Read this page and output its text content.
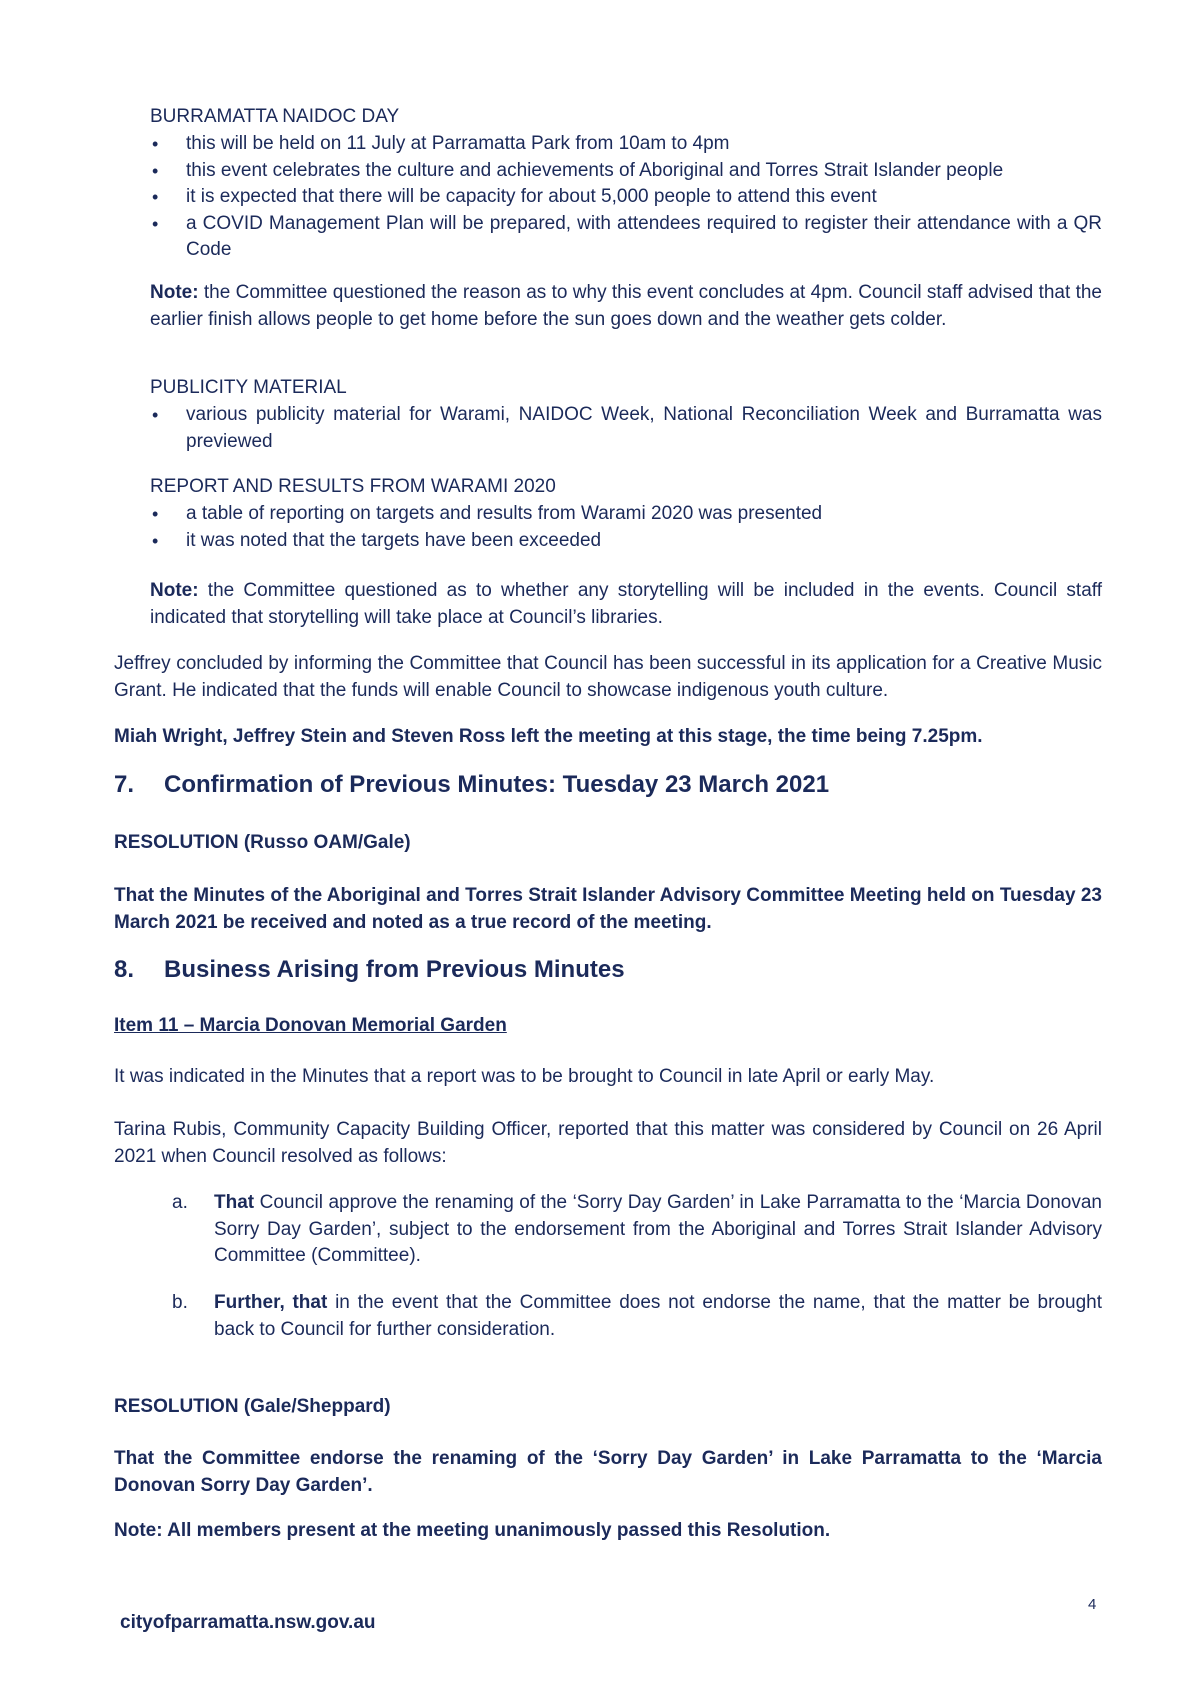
BURRAMATTA NAIDOC DAY
• this will be held on 11 July at Parramatta Park from 10am to 4pm
• this event celebrates the culture and achievements of Aboriginal and Torres Strait Islander people
• it is expected that there will be capacity for about 5,000 people to attend this event
• a COVID Management Plan will be prepared, with attendees required to register their attendance with a QR Code
Note: the Committee questioned the reason as to why this event concludes at 4pm. Council staff advised that the earlier finish allows people to get home before the sun goes down and the weather gets colder.
PUBLICITY MATERIAL
• various publicity material for Warami, NAIDOC Week, National Reconciliation Week and Burramatta was previewed
REPORT AND RESULTS FROM WARAMI 2020
• a table of reporting on targets and results from Warami 2020 was presented
• it was noted that the targets have been exceeded
Note: the Committee questioned as to whether any storytelling will be included in the events. Council staff indicated that storytelling will take place at Council’s libraries.
Jeffrey concluded by informing the Committee that Council has been successful in its application for a Creative Music Grant. He indicated that the funds will enable Council to showcase indigenous youth culture.
Miah Wright, Jeffrey Stein and Steven Ross left the meeting at this stage, the time being 7.25pm.
7. Confirmation of Previous Minutes: Tuesday 23 March 2021
RESOLUTION (Russo OAM/Gale)
That the Minutes of the Aboriginal and Torres Strait Islander Advisory Committee Meeting held on Tuesday 23 March 2021 be received and noted as a true record of the meeting.
8. Business Arising from Previous Minutes
Item 11 – Marcia Donovan Memorial Garden
It was indicated in the Minutes that a report was to be brought to Council in late April or early May.
Tarina Rubis, Community Capacity Building Officer, reported that this matter was considered by Council on 26 April 2021 when Council resolved as follows:
a. That Council approve the renaming of the ‘Sorry Day Garden’ in Lake Parramatta to the ‘Marcia Donovan Sorry Day Garden’, subject to the endorsement from the Aboriginal and Torres Strait Islander Advisory Committee (Committee).
b. Further, that in the event that the Committee does not endorse the name, that the matter be brought back to Council for further consideration.
RESOLUTION (Gale/Sheppard)
That the Committee endorse the renaming of the ‘Sorry Day Garden’ in Lake Parramatta to the ‘Marcia Donovan Sorry Day Garden’.
Note: All members present at the meeting unanimously passed this Resolution.
cityofparramatta.nsw.gov.au
4
